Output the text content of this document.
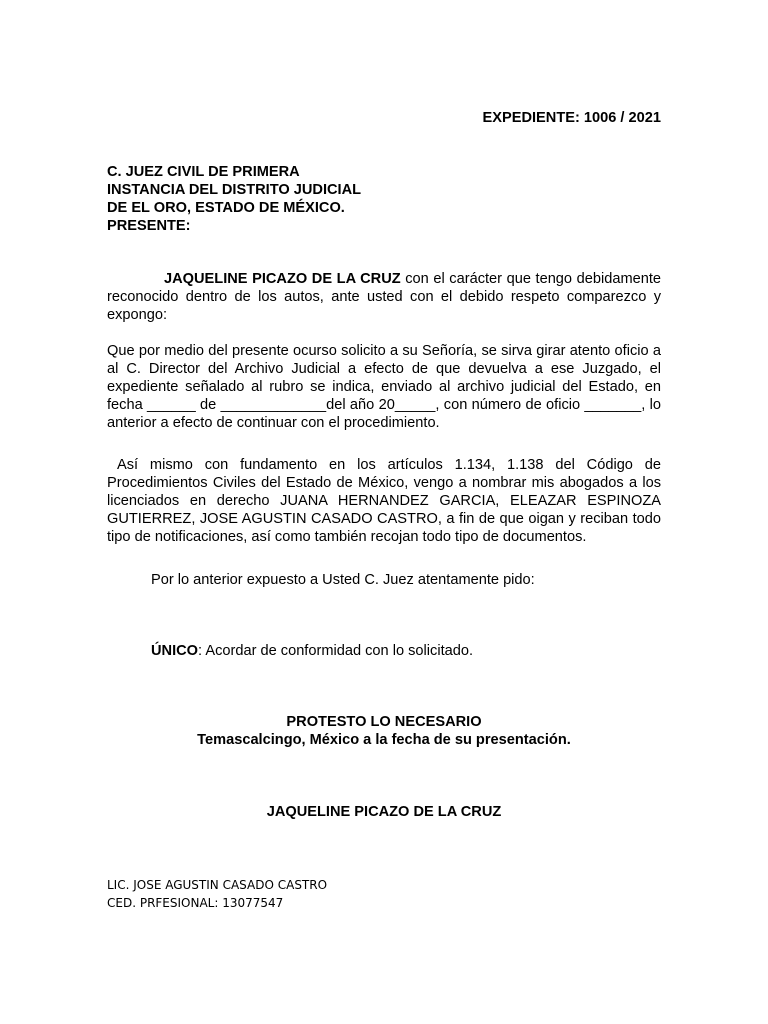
EXPEDIENTE: 1006 / 2021
C. JUEZ CIVIL DE PRIMERA
INSTANCIA DEL DISTRITO JUDICIAL
DE EL ORO, ESTADO DE MÉXICO.
PRESENTE:
JAQUELINE PICAZO DE LA CRUZ con el carácter que tengo debidamente reconocido dentro de los autos, ante usted con el debido respeto comparezco y expongo:
Que por medio del presente ocurso solicito a su Señoría, se sirva girar atento oficio a al C. Director del Archivo Judicial a efecto de que devuelva a ese Juzgado, el expediente señalado al rubro se indica, enviado al archivo judicial del Estado, en fecha ______ de _____________del año 20_____, con número de oficio _______, lo anterior a efecto de continuar con el procedimiento.
Así mismo con fundamento en los artículos 1.134, 1.138 del Código de Procedimientos Civiles del Estado de México, vengo a nombrar mis abogados a los licenciados en derecho JUANA HERNANDEZ GARCIA, ELEAZAR ESPINOZA GUTIERREZ, JOSE AGUSTIN CASADO CASTRO, a fin de que oigan y reciban todo tipo de notificaciones, así como también recojan todo tipo de documentos.
Por lo anterior expuesto a Usted C. Juez atentamente pido:
ÚNICO: Acordar de conformidad con lo solicitado.
PROTESTO LO NECESARIO
Temascalcingo, México a la fecha de su presentación.
JAQUELINE PICAZO DE LA CRUZ
LIC. JOSE AGUSTIN CASADO CASTRO
CED. PRFESIONAL: 13077547
